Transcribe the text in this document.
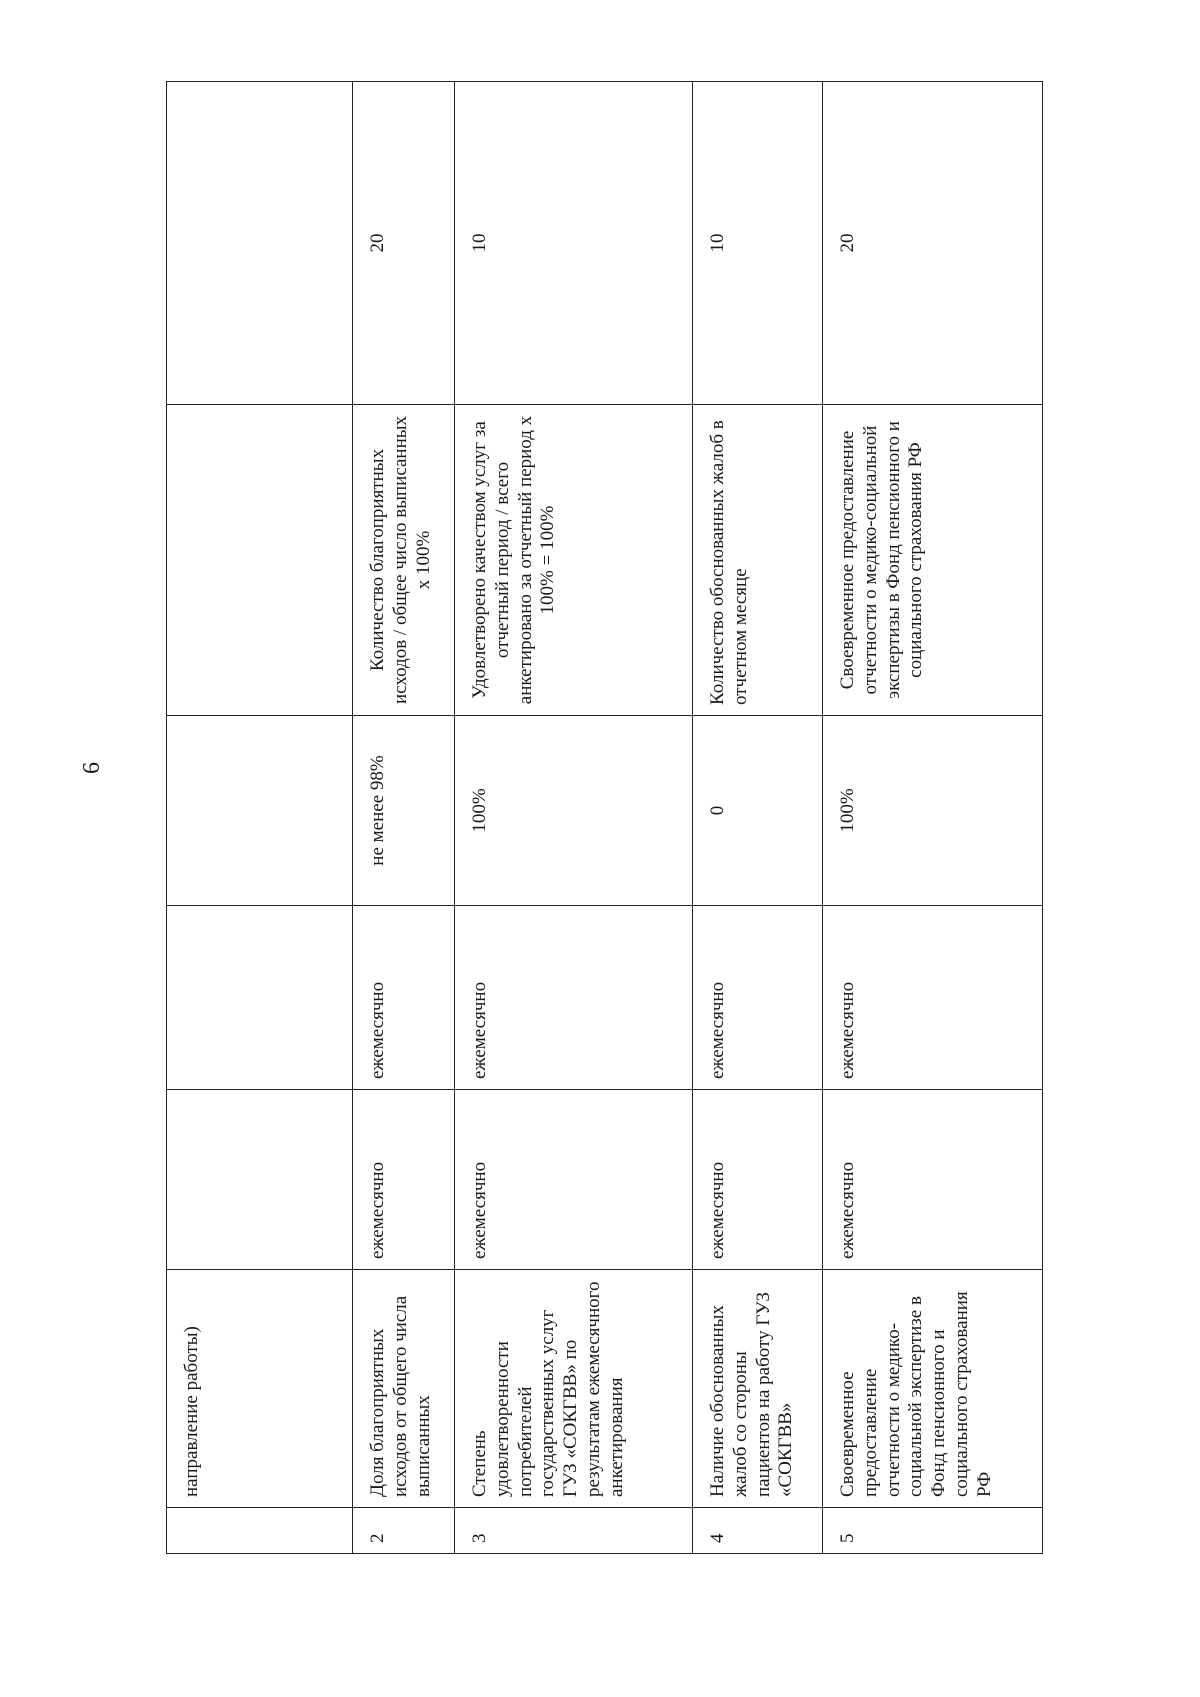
6
	направление работы)					
2	Доля благоприятных исходов от общего числа выписанных	ежемесячно	ежемесячно	не менее 98%	Количество благоприятных исходов / общее число выписанных х 100%	20
3	Степень удовлетворенности потребителей государственных услуг ГУЗ «СОКГВВ» по результатам ежемесячного анкетирования	ежемесячно	ежемесячно	100%	Удовлетворено качеством услуг за отчетный период / всего анкетировано за отчетный период х 100% = 100%	10
4	Наличие обоснованных жалоб со стороны пациентов на работу ГУЗ «СОКГВВ»	ежемесячно	ежемесячно	0	Количество обоснованных жалоб в отчетном месяце	10
5	Своевременное предоставление отчетности о медико-социальной экспертизе в Фонд пенсионного и социального страхования РФ	ежемесячно	ежемесячно	100%	Своевременное предоставление отчетности о медико-социальной экспертизы в Фонд пенсионного и социального страхования РФ	20
